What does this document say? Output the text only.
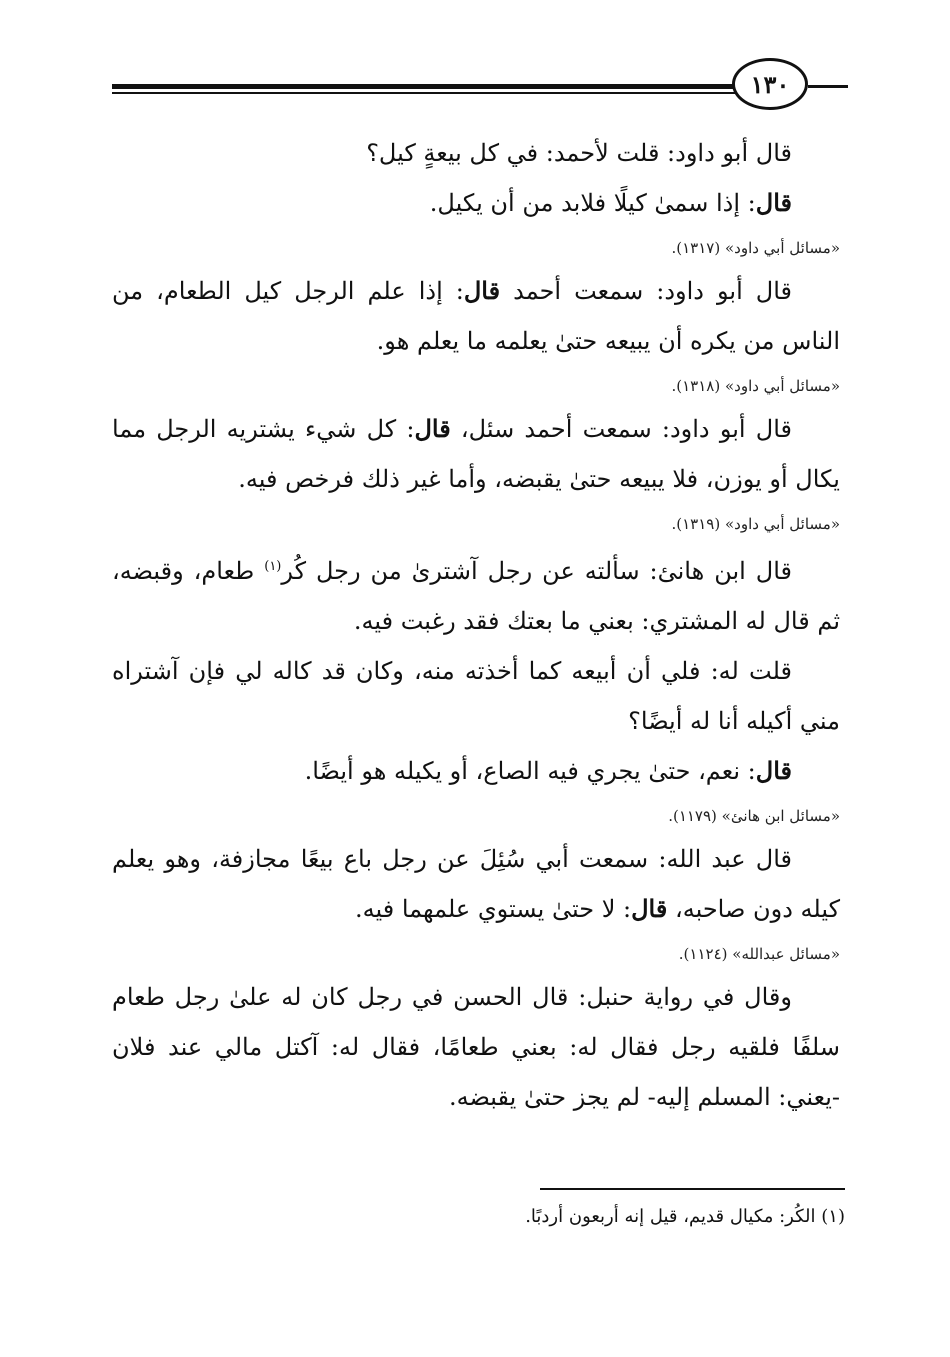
١٣٠

قال أبو داود: قلت لأحمد: في كل بيعةٍ كيل؟

قال: إذا سمىٰ كيلًا فلابد من أن يكيل.

«مسائل أبي داود» (١٣١٧).

قال أبو داود: سمعت أحمد قال: إذا علم الرجل كيل الطعام، من الناس من يكره أن يبيعه حتىٰ يعلمه ما يعلم هو.

«مسائل أبي داود» (١٣١٨).

قال أبو داود: سمعت أحمد سئل، قال: كل شيء يشتريه الرجل مما يكال أو يوزن، فلا يبيعه حتىٰ يقبضه، وأما غير ذلك فرخص فيه.

«مسائل أبي داود» (١٣١٩).

قال ابن هانئ: سألته عن رجل آشترىٰ من رجل كُر$^{(١)}$ طعام، وقبضه، ثم قال له المشتري: بعني ما بعتك فقد رغبت فيه.

قلت له: فلي أن أبيعه كما أخذته منه، وكان قد كاله لي فإن آشتراه مني أكيله أنا له أيضًا؟

قال: نعم، حتىٰ يجري فيه الصاع، أو يكيله هو أيضًا.

«مسائل ابن هانئ» (١١٧٩).

قال عبد الله: سمعت أبي سُئِلَ عن رجل باع بيعًا مجازفة، وهو يعلم كيله دون صاحبه، قال: لا حتىٰ يستوي علمهما فيه.

«مسائل عبدالله» (١١٢٤).

وقال في رواية حنبل: قال الحسن في رجل كان له علىٰ رجل طعام سلفًا فلقيه رجل فقال له: بعني طعامًا، فقال له: آكتل مالي عند فلان -يعني: المسلم إليه- لم يجز حتىٰ يقبضه.

(١) الكُر: مكيال قديم، قيل إنه أربعون أردبًا.
